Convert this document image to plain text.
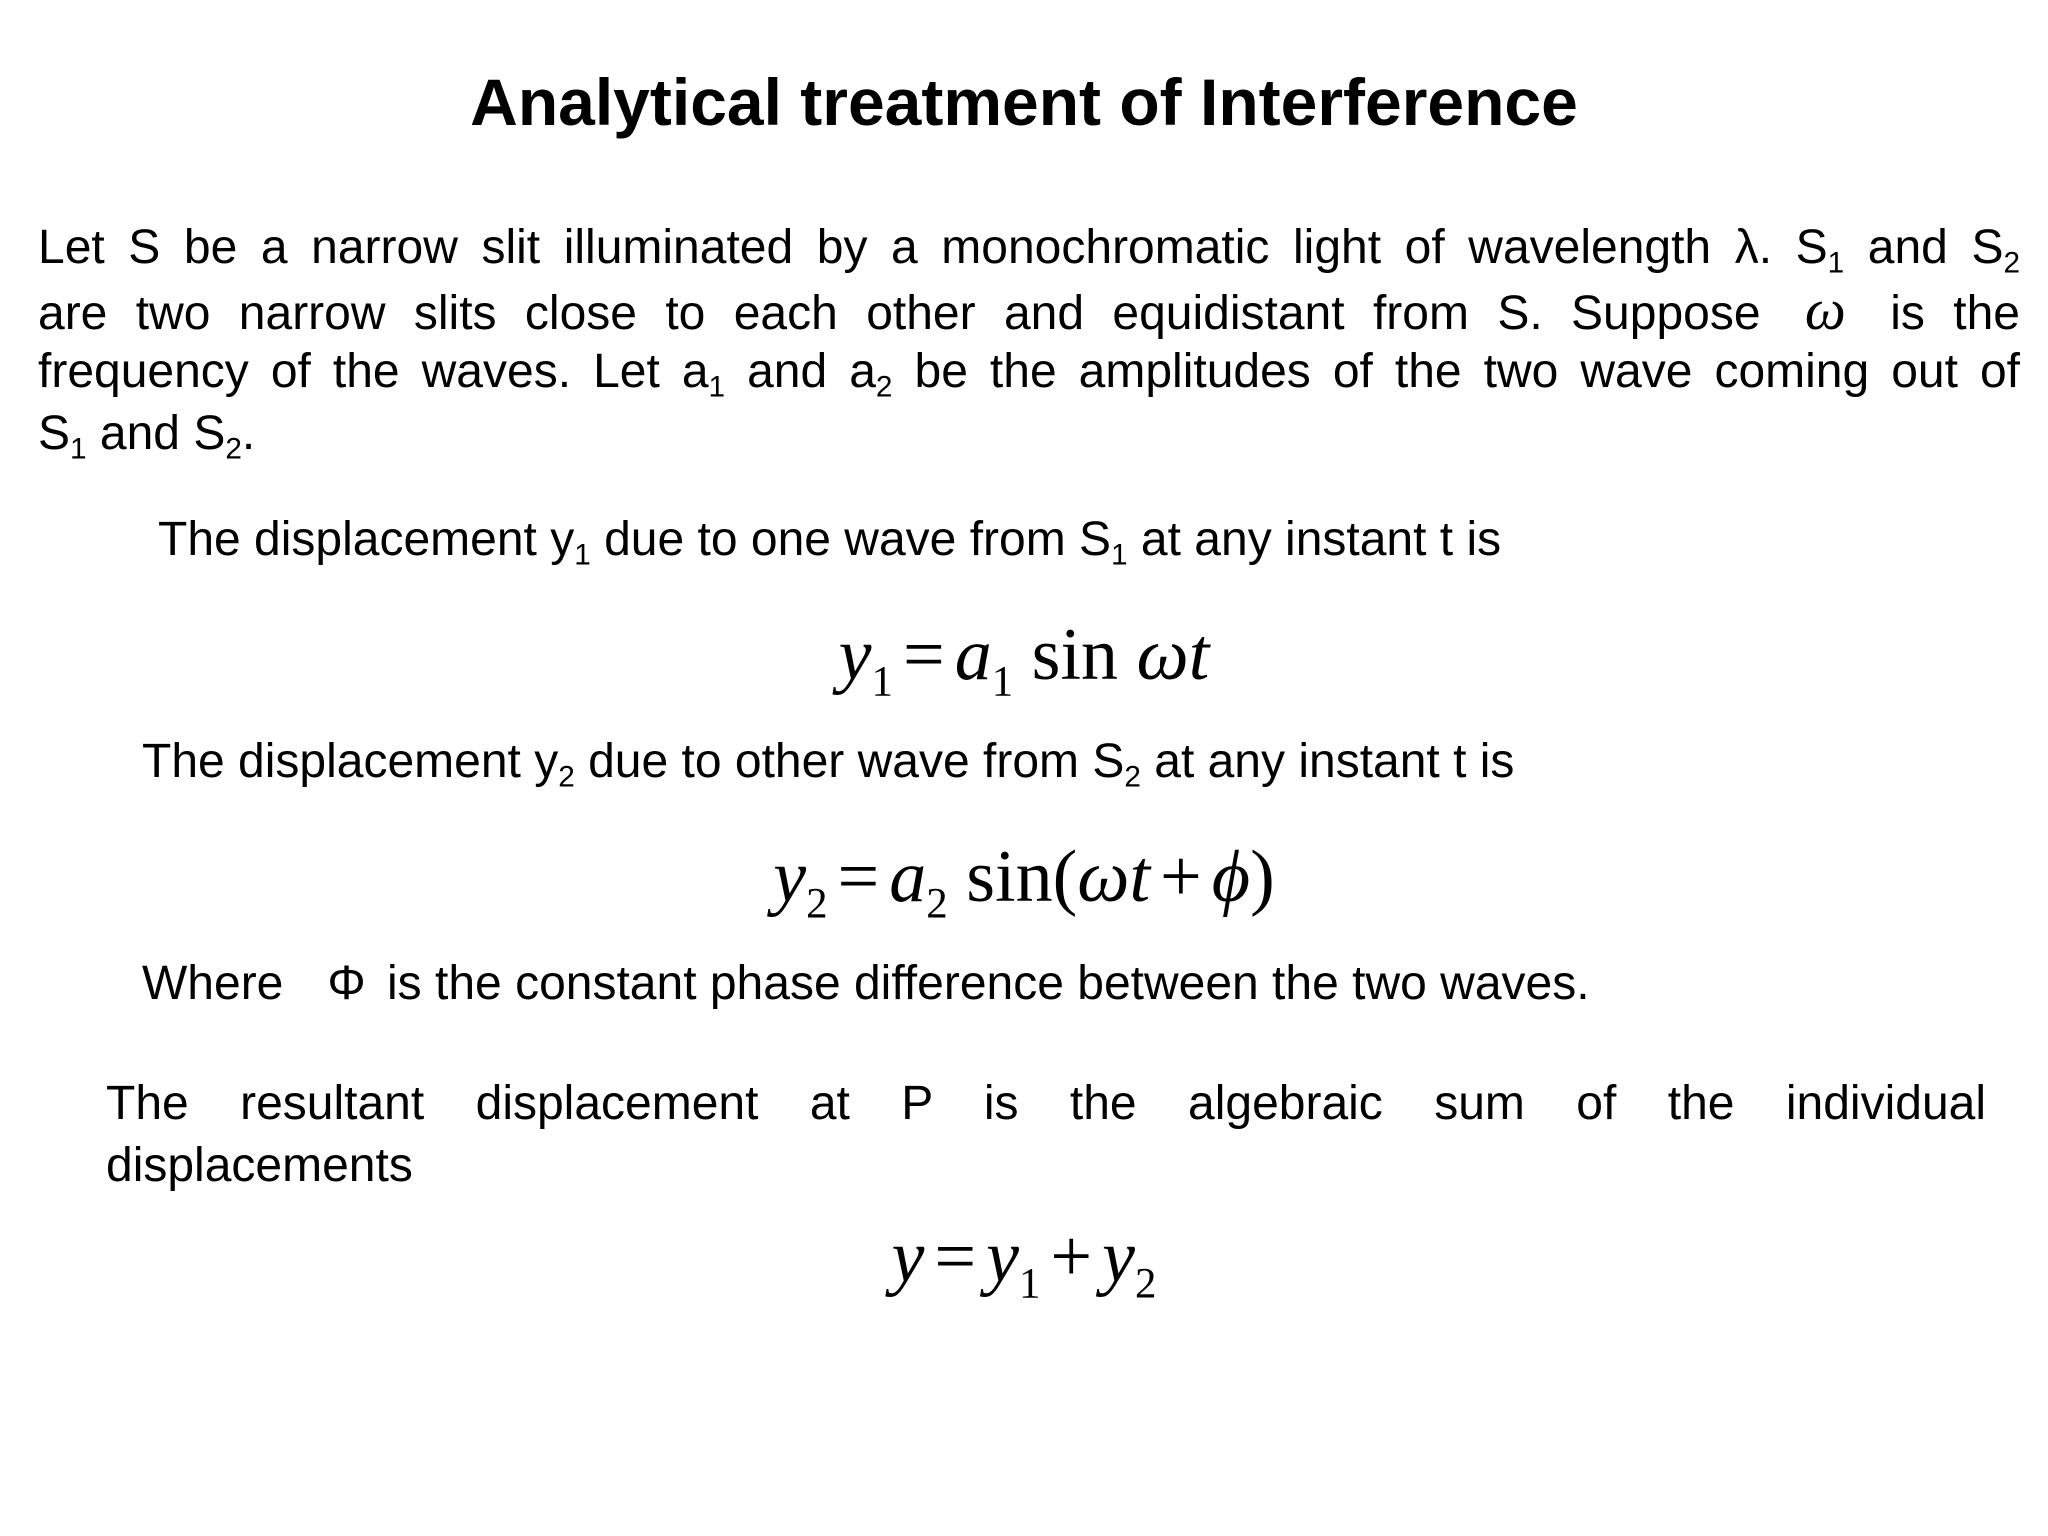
Analytical treatment of Interference
Let S be a narrow slit illuminated by a monochromatic light of wavelength λ. $S_1$ and $S_2$
are two narrow slits close to each other and equidistant from S. Suppose ω is the
frequency of the waves. Let $a_1$ and $a_2$ be the amplitudes of the two wave coming out of
$S_1$ and $S_2$.
The displacement $y_1$ due to one wave from $S_1$ at any instant t is
$y_1 = a_1$ sin ωt
The displacement $y_2$ due to other wave from $S_2$ at any instant t is
$y_2 = a_2$ sin(ωt + ϕ)
Where Φ is the constant phase difference between the two waves.
The resultant displacement at P is the algebraic sum of the individual
displacements
$y = y_1 + y_2$
